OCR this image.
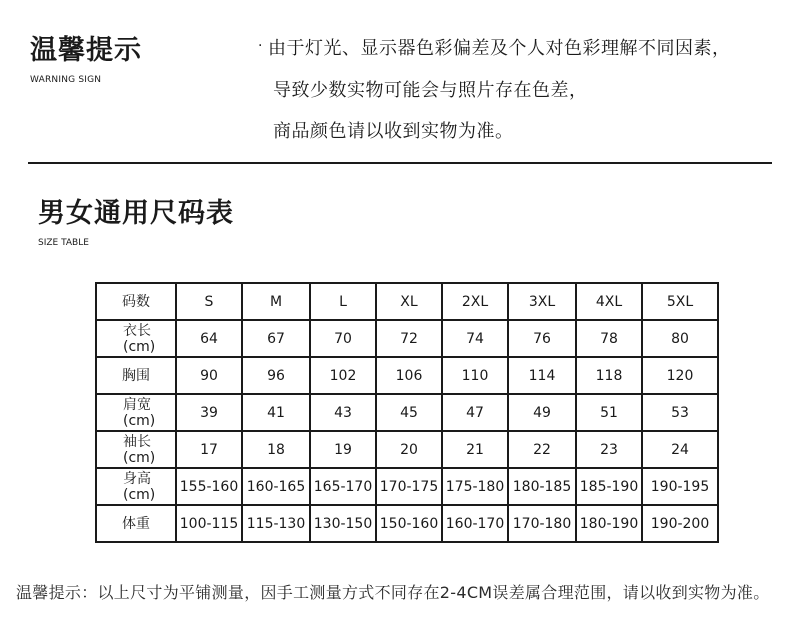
温馨提示
WARNING SIGN
· 由于灯光、显示器色彩偏差及个人对色彩理解不同因素，
导致少数实物可能会与照片存在色差，
商品颜色请以收到实物为准。
男女通用尺码表
SIZE TABLE
码数	S	M	L	XL	2XL	3XL	4XL	5XL

衣长
(cm)	64	67	70	72	74	76	78	80
胸围	90	96	102	106	110	114	118	120

肩宽
(cm)	39	41	43	45	47	49	51	53

袖长
(cm)	17	18	19	20	21	22	23	24

身高
(cm)	155-160	160-165	165-170	170-175	175-180	180-185	185-190	190-195
体重	100-115	115-130	130-150	150-160	160-170	170-180	180-190	190-200
温馨提示：以上尺寸为平铺测量，因手工测量方式不同存在2-4CM误差属合理范围，请以收到实物为准。
